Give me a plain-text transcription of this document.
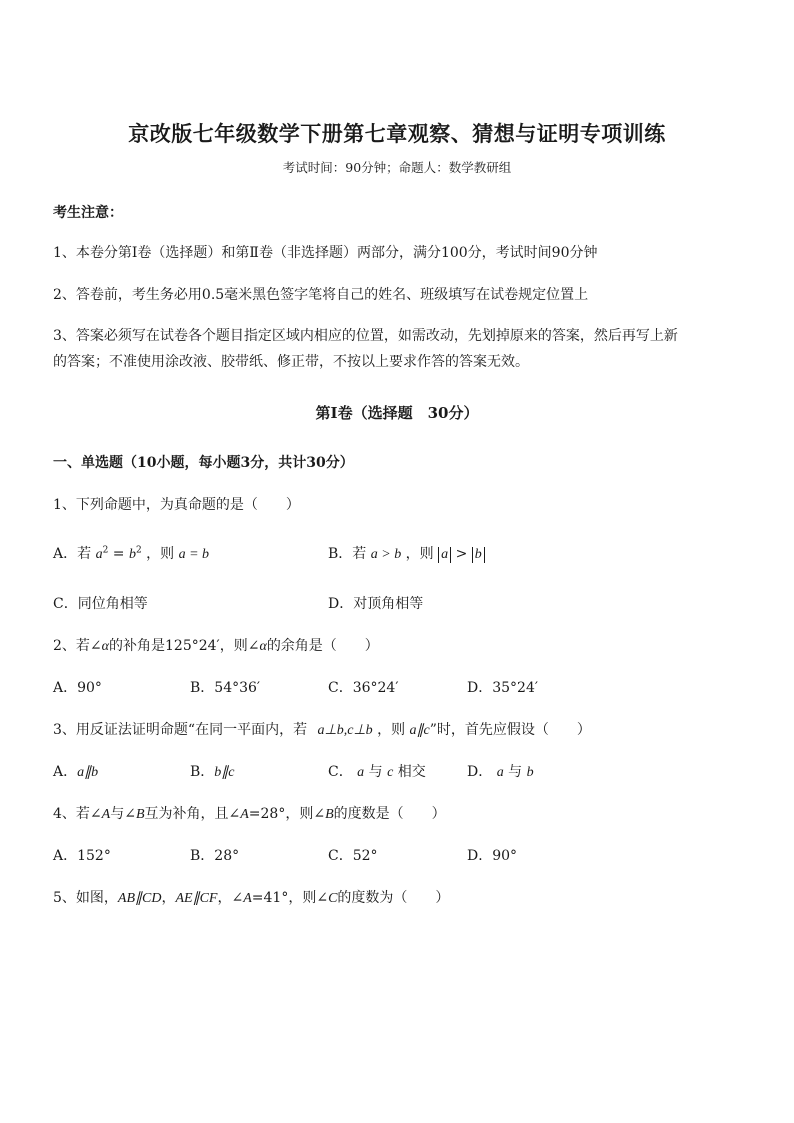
京改版七年级数学下册第七章观察、猜想与证明专项训练
考试时间：90分钟；命题人：数学教研组
考生注意：
1、本卷分第Ⅰ卷（选择题）和第Ⅱ卷（非选择题）两部分，满分100分，考试时间90分钟
2、答卷前，考生务必用0.5毫米黑色签字笔将自己的姓名、班级填写在试卷规定位置上
3、答案必须写在试卷各个题目指定区域内相应的位置，如需改动，先划掉原来的答案，然后再写上新
的答案；不准使用涂改液、胶带纸、修正带，不按以上要求作答的答案无效。
第Ⅰ卷（选择题　30分）
一、单选题（10小题，每小题3分，共计30分）
1、下列命题中，为真命题的是（　　）
A．若 $a^2 = b^2$ ，则 a = b	B．若 a > b ，则 a > b
C．同位角相等	D．对顶角相等
2、若∠α的补角是125°24′，则∠α的余角是（　　）
A．90°	B．54°36′	C．36°24′	D．35°24′
3、用反证法证明命题“在同一平面内，若 a⊥b,c⊥b ，则 a∥c”时，首先应假设（　　）
A．a∥b	B．b∥c	C． a 与 c 相交	D． a 与 b
4、若∠A与∠B互为补角，且∠A=28°，则∠B的度数是（　　）
A．152°	B．28°	C．52°	D．90°
5、如图，AB∥CD，AE∥CF，∠A=41°，则∠C的度数为（　　）
